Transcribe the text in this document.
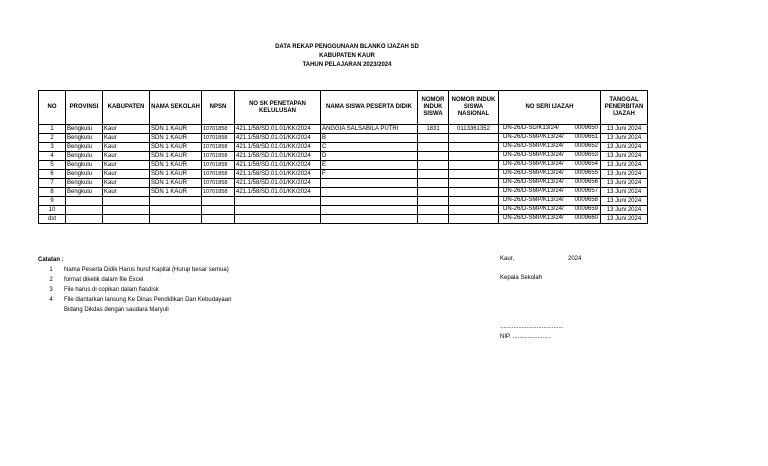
DATA REKAP PENGGUNAAN BLANKO IJAZAH SD
KABUPATEN KAUR
TAHUN PELAJARAN 2023/2024
NO	PROVINSI	KABUPATEN	NAMA SEKOLAH	NPSN	NO SK PENETAPAN KELULUSAN	NAMA SISWA PESERTA DIDIK	NOMOR INDUK SISWA	NOMOR INDUK SISWA NASIONAL	NO SERI IJAZAH	TANGGAL PENERBITAN IJAZAH
1	Bengkulu	Kaur	SDN 1 KAUR	10701858	421.1/58/SD.01.01/KK/2024	ANGGIA SALSABILA PUTRI	1831	0113361352	DN-26/D-SD/K13/24/ 0009650	13 Juni 2024
2	Bengkulu	Kaur	SDN 1 KAUR	10701858	421.1/58/SD.01.01/KK/2024	B			DN-26/D-SMP/K13/24/ 0009651	13 Juni 2024
3	Bengkulu	Kaur	SDN 1 KAUR	10701858	421.1/58/SD.01.01/KK/2024	C			DN-26/D-SMP/K13/24/ 0009652	13 Juni 2024
4	Bengkulu	Kaur	SDN 1 KAUR	10701858	421.1/58/SD.01.01/KK/2024	D			DN-26/D-SMP/K13/24/ 0009653	13 Juni 2024
5	Bengkulu	Kaur	SDN 1 KAUR	10701858	421.1/58/SD.01.01/KK/2024	E			DN-26/D-SMP/K13/24/ 0009654	13 Juni 2024
6	Bengkulu	Kaur	SDN 1 KAUR	10701858	421.1/58/SD.01.01/KK/2024	F			DN-26/D-SMP/K13/24/ 0009655	13 Juni 2024
7	Bengkulu	Kaur	SDN 1 KAUR	10701858	421.1/58/SD.01.01/KK/2024				DN-26/D-SMP/K13/24/ 0009656	13 Juni 2024
8	Bengkulu	Kaur	SDN 1 KAUR	10701858	421.1/58/SD.01.01/KK/2024				DN-26/D-SMP/K13/24/ 0009657	13 Juni 2024
9									DN-26/D-SMP/K13/24/ 0009658	13 Juni 2024
10									DN-26/D-SMP/K13/24/ 0009659	13 Juni 2024
dst									DN-26/D-SMP/K13/24/ 0009660	13 Juni 2024
Catatan :
1	Nama Peserta Didik Harus huruf Kapital (Hurup besar semua)
2	format diketik dalam file Excel
3	File harus di copikan dalam flasdisk
4	File diantarkan lansung Ke Dinas Pendidikan Dan Kebudayaan
Bidang Dikdas dengan saudara Maryuli
Kaur,	2024
Kepala Sekolah
......................................
NIP. .......................
